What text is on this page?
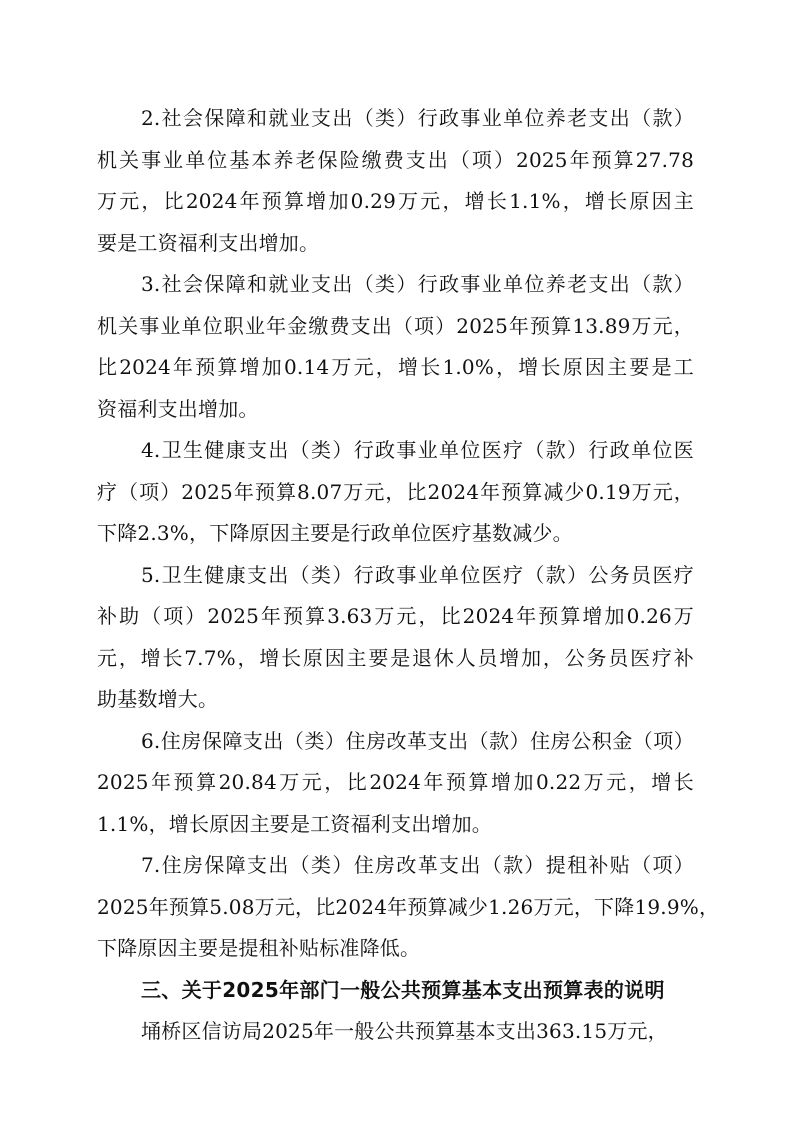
2.社会保障和就业支出（类）行政事业单位养老支出（款）
机关事业单位基本养老保险缴费支出（项）2025年预算27.78
万元，比2024年预算增加0.29万元，增长1.1%，增长原因主
要是工资福利支出增加。
3.社会保障和就业支出（类）行政事业单位养老支出（款）
机关事业单位职业年金缴费支出（项）2025年预算13.89万元，
比2024年预算增加0.14万元，增长1.0%，增长原因主要是工
资福利支出增加。
4.卫生健康支出（类）行政事业单位医疗（款）行政单位医
疗（项）2025年预算8.07万元，比2024年预算减少0.19万元，
下降2.3%，下降原因主要是行政单位医疗基数减少。
5.卫生健康支出（类）行政事业单位医疗（款）公务员医疗
补助（项）2025年预算3.63万元，比2024年预算增加0.26万
元，增长7.7%，增长原因主要是退休人员增加，公务员医疗补
助基数增大。
6.住房保障支出（类）住房改革支出（款）住房公积金（项）
2025年预算20.84万元，比2024年预算增加0.22万元，增长
1.1%，增长原因主要是工资福利支出增加。
7.住房保障支出（类）住房改革支出（款）提租补贴（项）
2025年预算5.08万元，比2024年预算减少1.26万元，下降19.9%，
下降原因主要是提租补贴标准降低。
三、关于2025年部门一般公共预算基本支出预算表的说明
埇桥区信访局2025年一般公共预算基本支出363.15万元，
